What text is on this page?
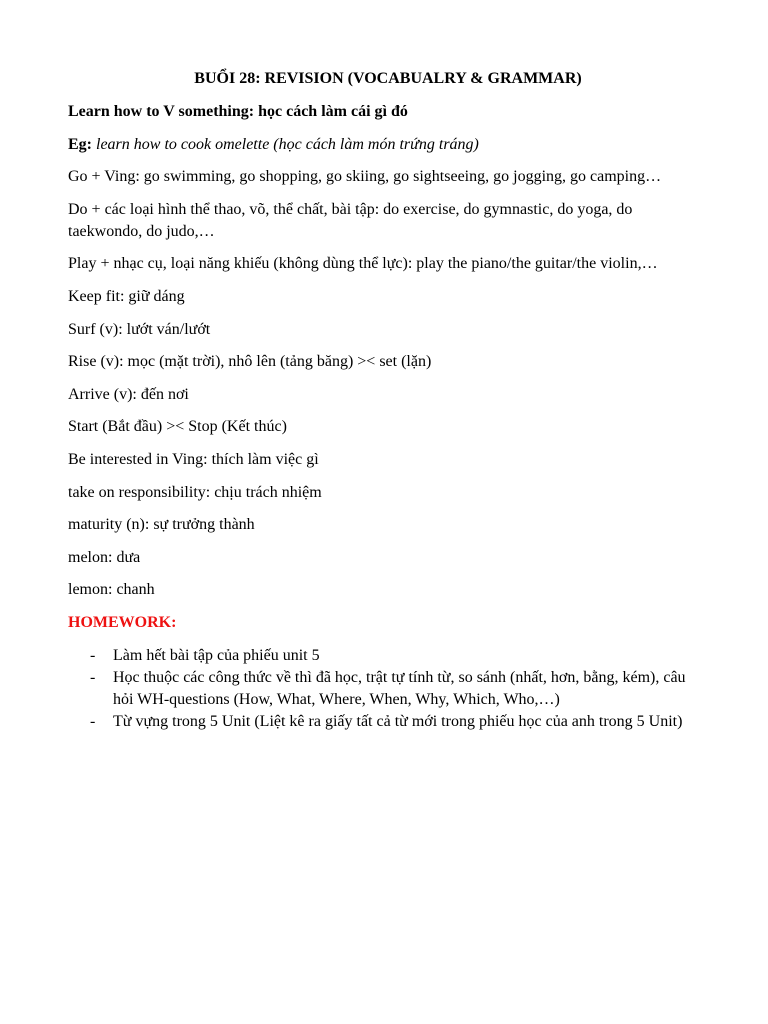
BUỔI 28: REVISION (VOCABUALRY & GRAMMAR)
Learn how to V something: học cách làm cái gì đó
Eg: learn how to cook omelette (học cách làm món trứng tráng)
Go + Ving: go swimming, go shopping, go skiing, go sightseeing, go jogging, go camping…
Do + các loại hình thể thao, võ, thể chất, bài tập: do exercise, do gymnastic, do yoga, do taekwondo, do judo,…
Play + nhạc cụ, loại năng khiếu (không dùng thể lực): play the piano/the guitar/the violin,…
Keep fit: giữ dáng
Surf (v): lướt ván/lướt
Rise (v): mọc (mặt trời), nhô lên (tảng băng) >< set (lặn)
Arrive (v): đến nơi
Start (Bắt đầu) >< Stop (Kết thúc)
Be interested in Ving: thích làm việc gì
take on responsibility: chịu trách nhiệm
maturity (n): sự trưởng thành
melon: dưa
lemon: chanh
HOMEWORK:
- Làm hết bài tập của phiếu unit 5
- Học thuộc các công thức về thì đã học, trật tự tính từ, so sánh (nhất, hơn, bằng, kém), câu hỏi WH-questions (How, What, Where, When, Why, Which, Who,…)
- Từ vựng trong 5 Unit (Liệt kê ra giấy tất cả từ mới trong phiếu học của anh trong 5 Unit)
